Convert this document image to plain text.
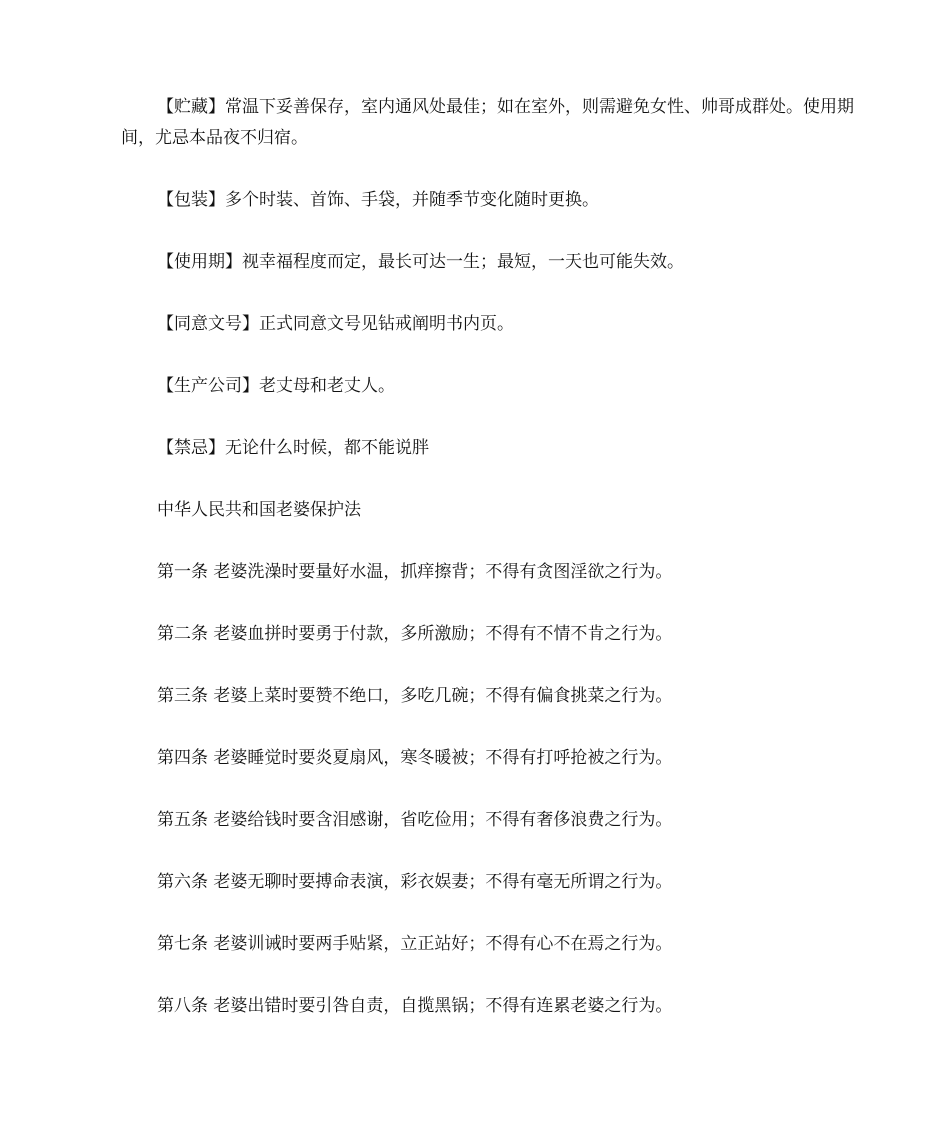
【贮藏】常温下妥善保存，室内通风处最佳；如在室外，则需避免女性、帅哥成群处。使用期间，尤忌本品夜不归宿。

【包装】多个时装、首饰、手袋，并随季节变化随时更换。

【使用期】视幸福程度而定，最长可达一生；最短，一天也可能失效。

【同意文号】正式同意文号见钻戒阐明书内页。

【生产公司】老丈母和老丈人。

【禁忌】无论什么时候，都不能说胖

中华人民共和国老婆保护法

第一条 老婆洗澡时要量好水温，抓痒擦背；不得有贪图淫欲之行为。

第二条 老婆血拼时要勇于付款，多所激励；不得有不情不肯之行为。

第三条 老婆上菜时要赞不绝口，多吃几碗；不得有偏食挑菜之行为。

第四条 老婆睡觉时要炎夏扇风，寒冬暖被；不得有打呼抢被之行为。

第五条 老婆给钱时要含泪感谢，省吃俭用；不得有奢侈浪费之行为。

第六条 老婆无聊时要搏命表演，彩衣娱妻；不得有毫无所谓之行为。

第七条 老婆训诫时要两手贴紧，立正站好；不得有心不在焉之行为。

第八条 老婆出错时要引咎自责，自揽黑锅；不得有连累老婆之行为。
